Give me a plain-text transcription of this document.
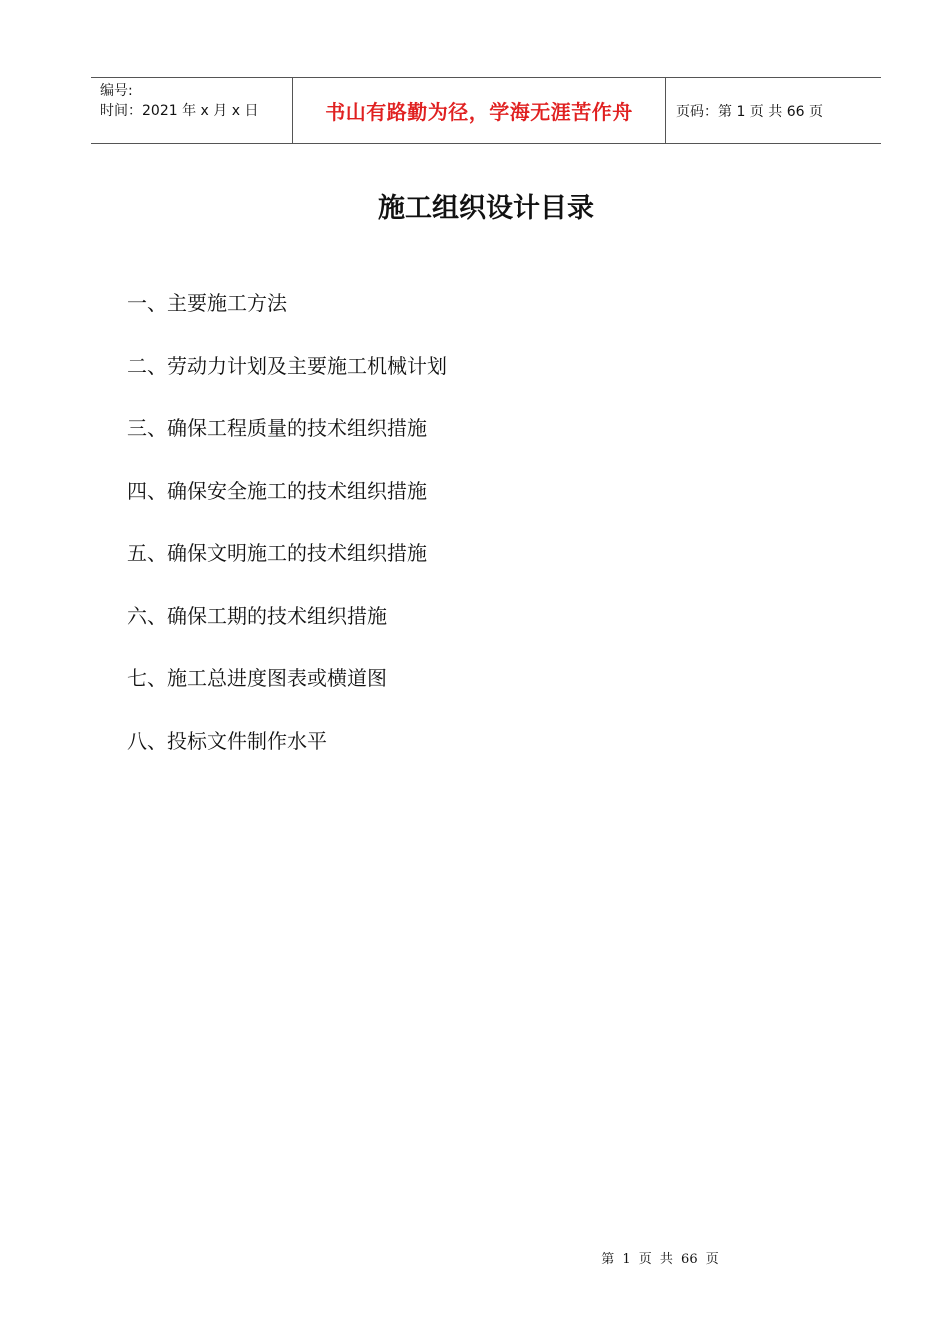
编号:
时间：2021 年 x 月 x 日	书山有路勤为径，学海无涯苦作舟	页码：第 1 页 共 66 页
施工组织设计目录
一、主要施工方法
二、劳动力计划及主要施工机械计划
三、确保工程质量的技术组织措施
四、确保安全施工的技术组织措施
五、确保文明施工的技术组织措施
六、确保工期的技术组织措施
七、施工总进度图表或横道图
八、投标文件制作水平
第 1 页 共 66 页
